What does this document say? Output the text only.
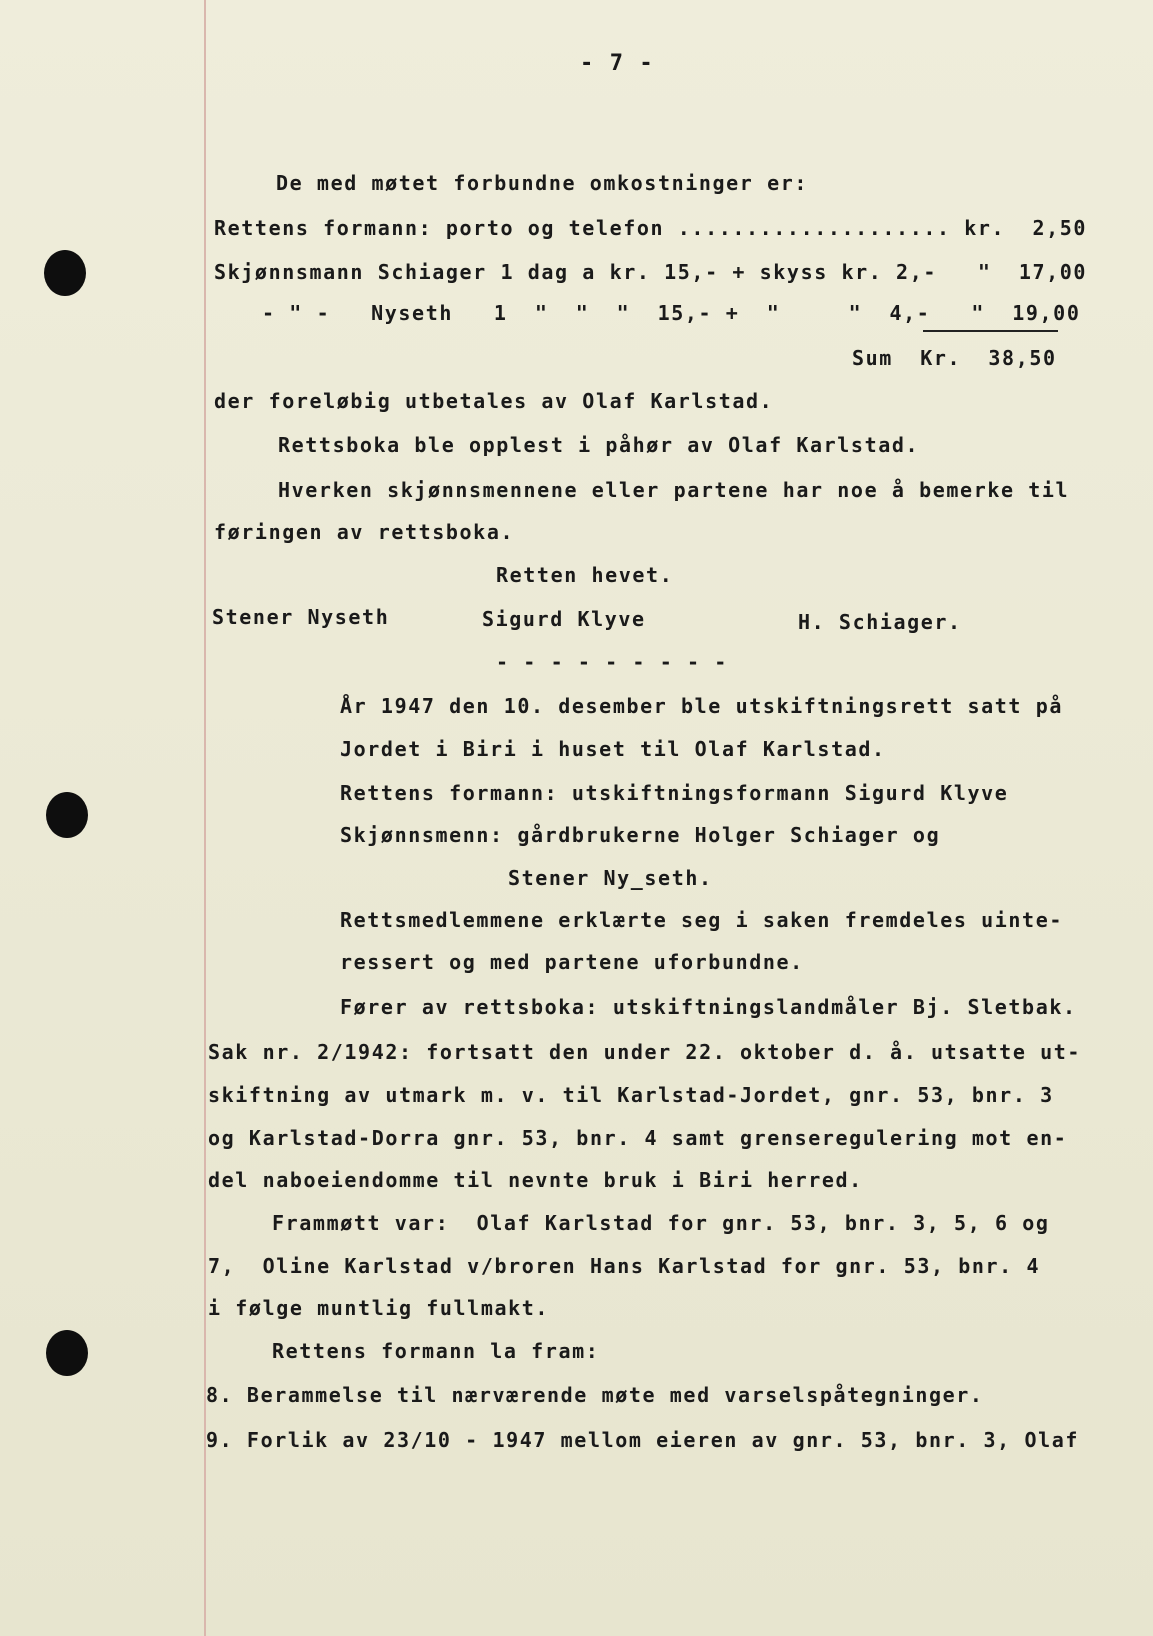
- 7 -
De med møtet forbundne omkostninger er:
Rettens formann: porto og telefon .................... kr.  2,50
Skjønnsmann Schiager 1 dag a kr. 15,- + skyss kr. 2,-   "  17,00
- " -   Nyseth   1  "  "  "  15,- +  "     "  4,-   "  19,00
Sum  Kr.  38,50
der foreløbig utbetales av Olaf Karlstad.
Rettsboka ble opplest i påhør av Olaf Karlstad.
Hverken skjønnsmennene eller partene har noe å bemerke til
føringen av rettsboka.
Retten hevet.
Stener Nyseth	Sigurd Klyve	H. Schiager.
- - - - - - - - -
År 1947 den 10. desember ble utskiftningsrett satt på
Jordet i Biri i huset til Olaf Karlstad.
Rettens formann: utskiftningsformann Sigurd Klyve
Skjønnsmenn: gårdbrukerne Holger Schiager og
Stener Ny_seth.
Rettsmedlemmene erklærte seg i saken fremdeles uinte-
ressert og med partene uforbundne.
Fører av rettsboka: utskiftningslandmåler Bj. Sletbak.
Sak nr. 2/1942: fortsatt den under 22. oktober d. å. utsatte ut-
skiftning av utmark m. v. til Karlstad-Jordet, gnr. 53, bnr. 3
og Karlstad-Dorra gnr. 53, bnr. 4 samt grenseregulering mot en-
del naboeiendomme til nevnte bruk i Biri herred.
Frammøtt var:  Olaf Karlstad for gnr. 53, bnr. 3, 5, 6 og
7,  Oline Karlstad v/broren Hans Karlstad for gnr. 53, bnr. 4
i følge muntlig fullmakt.
Rettens formann la fram:
8. Berammelse til nærværende møte med varselspåtegninger.
9. Forlik av 23/10 - 1947 mellom eieren av gnr. 53, bnr. 3, Olaf
